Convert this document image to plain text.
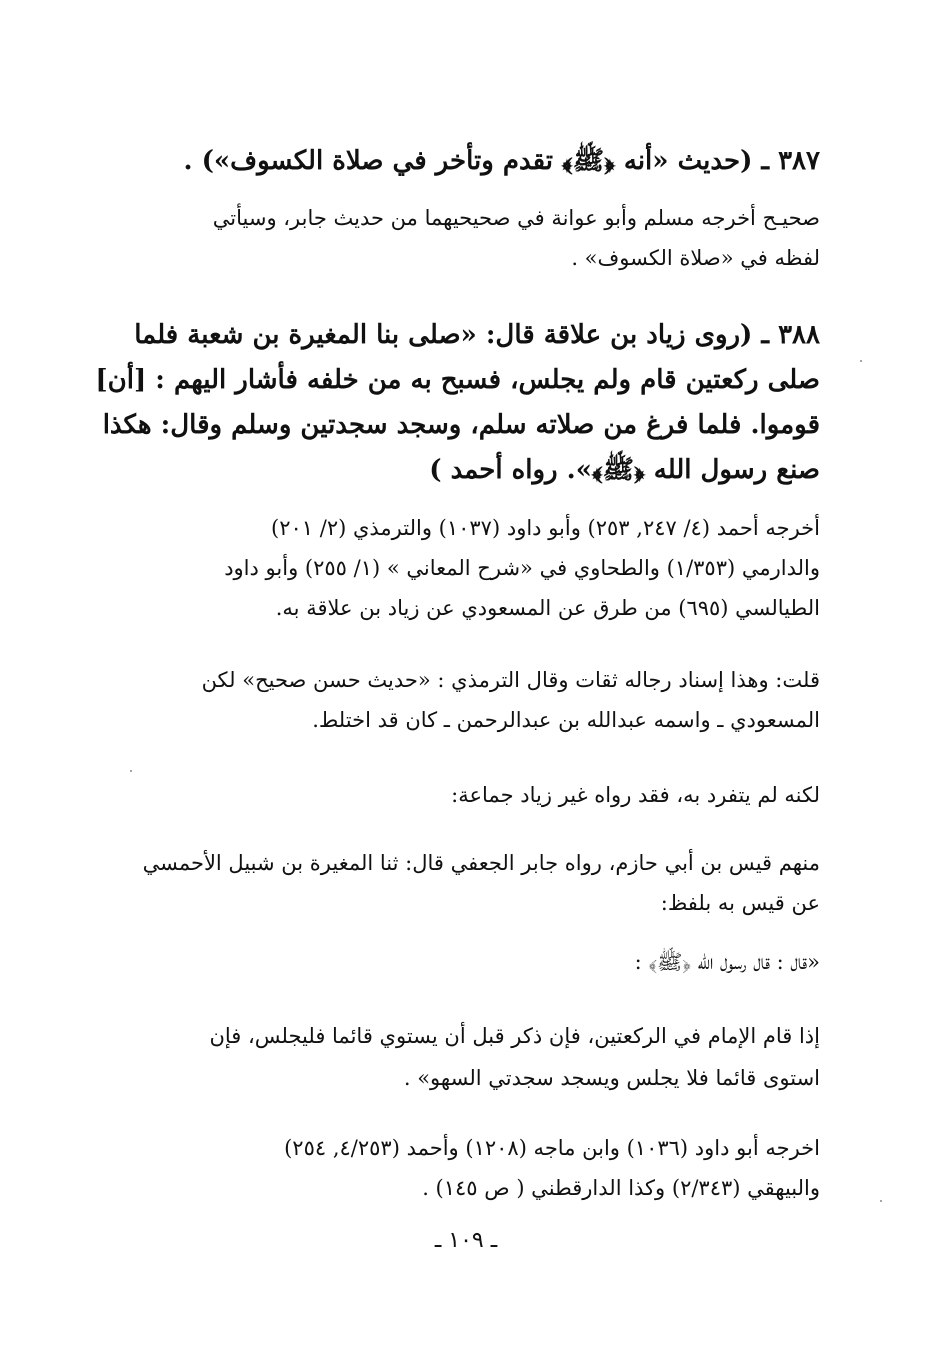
٣٨٧ ـ (حديث «أنه ﴿ﷺ﴾ تقدم وتأخر في صلاة الكسوف») .
صحيـح أخرجه مسلم وأبو عوانة في صحيحيهما من حديث جابر، وسيأتي
لفظه في «صلاة الكسوف» .
٣٨٨ ـ (روى زياد بن علاقة قال: «صلى بنا المغيرة بن شعبة فلما
صلى ركعتين قام ولم يجلس، فسبح به من خلفه فأشار اليهم : [أن]
قوموا. فلما فرغ من صلاته سلم، وسجد سجدتين وسلم وقال: هكذا
صنع رسول الله ﴿ﷺ﴾». رواه أحمد )
أخرجه أحمد (٤/ ٢٤٧, ٢٥٣) وأبو داود (١٠٣٧) والترمذي (٢/ ٢٠١)
والدارمي (١/٣٥٣) والطحاوي في «شرح المعاني » (١/ ٢٥٥) وأبو داود
الطيالسي (٦٩٥) من طرق عن المسعودي عن زياد بن علاقة به.
قلت: وهذا إسناد رجاله ثقات وقال الترمذي : «حديث حسن صحيح» لكن
المسعودي ـ واسمه عبدالله بن عبدالرحمن ـ كان قد اختلط.
لكنه لم يتفرد به، فقد رواه غير زياد جماعة:
منهم قيس بن أبي حازم، رواه جابر الجعفي قال: ثنا المغيرة بن شبيل الأحمسي
عن قيس به بلفظ:
«قال : قال رسول الله ﴿ﷺ﴾ :
إذا قام الإمام في الركعتين، فإن ذكر قبل أن يستوي قائما فليجلس، فإن
استوى قائما فلا يجلس ويسجد سجدتي السهو» .
اخرجه أبو داود (١٠٣٦) وابن ماجه (١٢٠٨) وأحمد (٤/٢٥٣, ٢٥٤)
والبيهقي (٢/٣٤٣) وكذا الدارقطني ( ص ١٤٥) .
ـ ١٠٩ ـ
